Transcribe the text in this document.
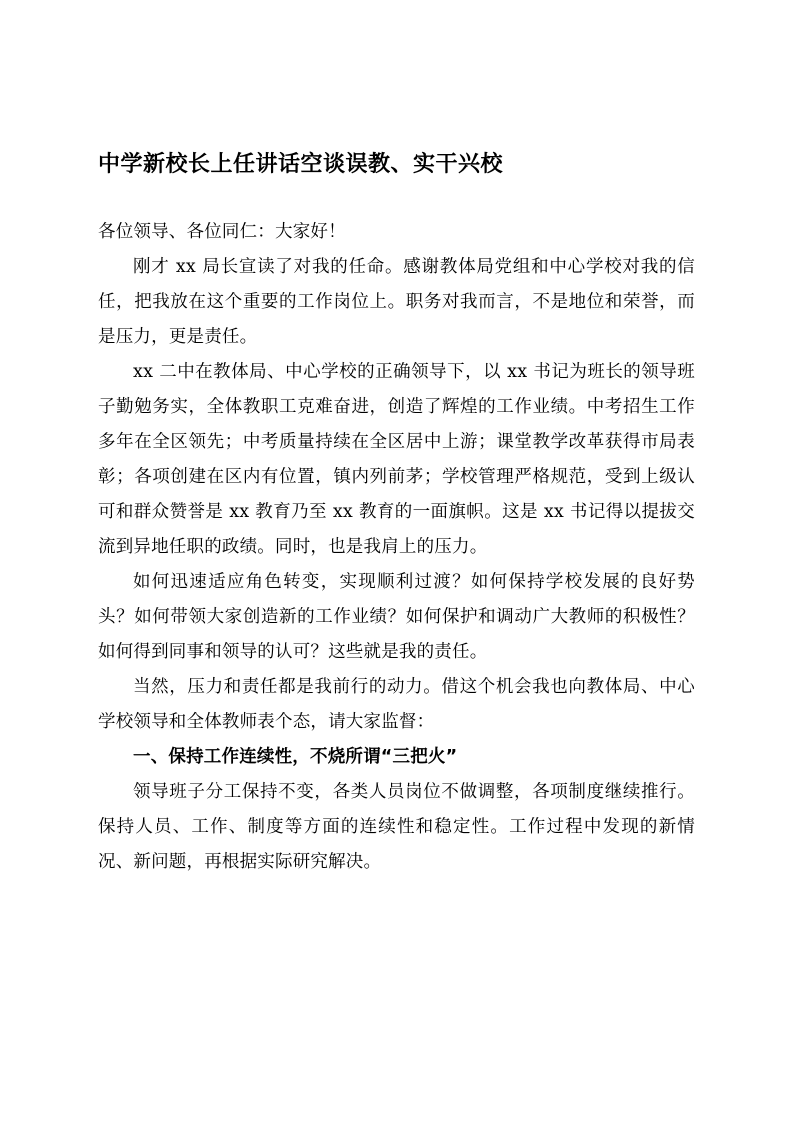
中学新校长上任讲话空谈误教、实干兴校

各位领导、各位同仁：大家好！

刚才 xx 局长宣读了对我的任命。感谢教体局党组和中心学校对我的信任，把我放在这个重要的工作岗位上。职务对我而言，不是地位和荣誉，而是压力，更是责任。

xx 二中在教体局、中心学校的正确领导下，以 xx 书记为班长的领导班子勤勉务实，全体教职工克难奋进，创造了辉煌的工作业绩。中考招生工作多年在全区领先；中考质量持续在全区居中上游；课堂教学改革获得市局表彰；各项创建在区内有位置，镇内列前茅；学校管理严格规范，受到上级认可和群众赞誉是 xx 教育乃至 xx 教育的一面旗帜。这是 xx 书记得以提拔交流到异地任职的政绩。同时，也是我肩上的压力。

如何迅速适应角色转变，实现顺利过渡？如何保持学校发展的良好势头？如何带领大家创造新的工作业绩？如何保护和调动广大教师的积极性？如何得到同事和领导的认可？这些就是我的责任。

当然，压力和责任都是我前行的动力。借这个机会我也向教体局、中心学校领导和全体教师表个态，请大家监督：

一、保持工作连续性，不烧所谓“三把火”

领导班子分工保持不变，各类人员岗位不做调整，各项制度继续推行。保持人员、工作、制度等方面的连续性和稳定性。工作过程中发现的新情况、新问题，再根据实际研究解决。
